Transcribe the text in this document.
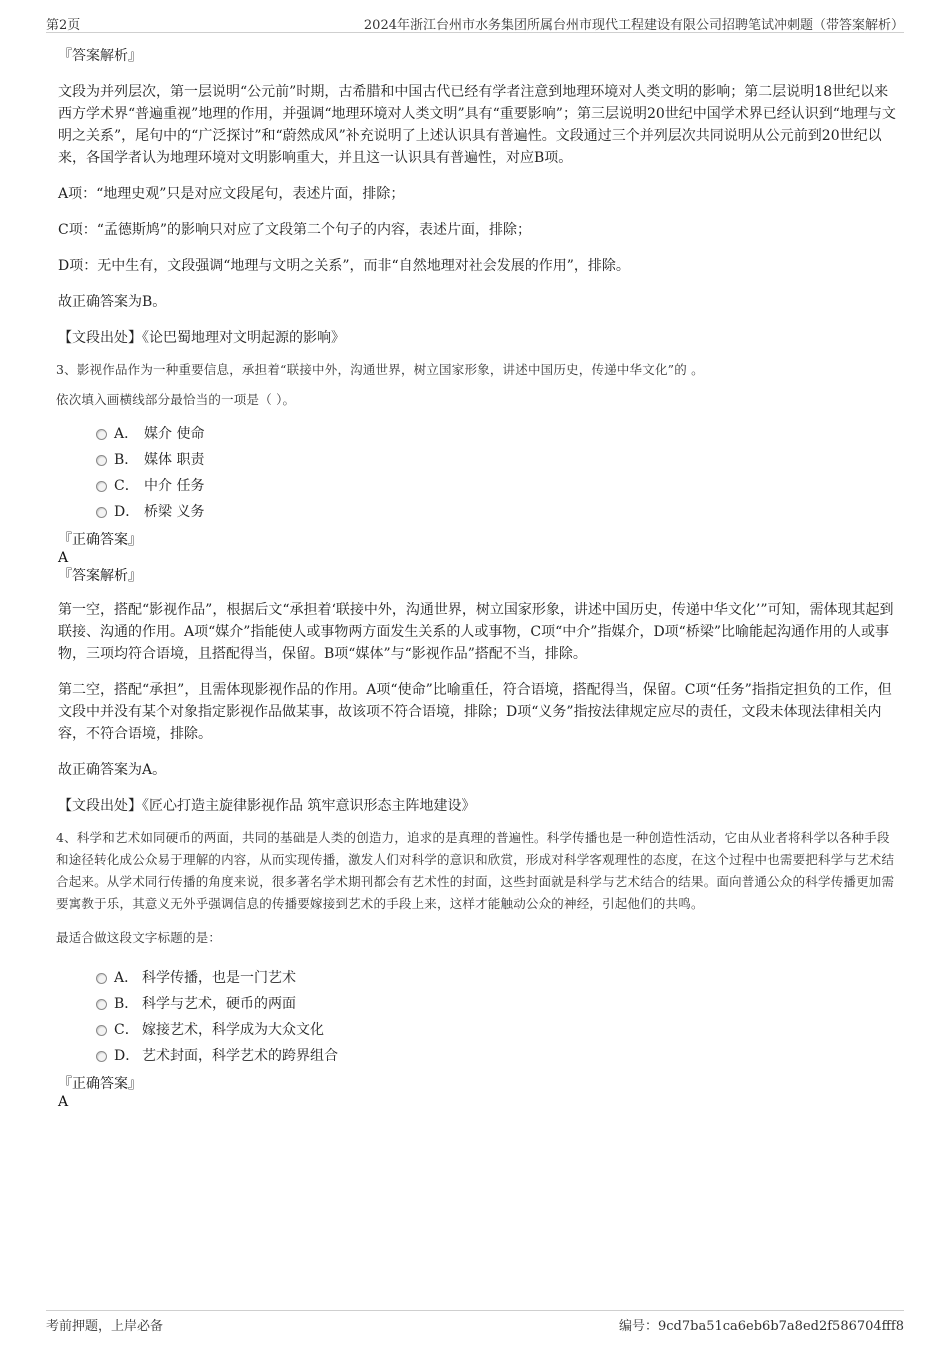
第2页	2024年浙江台州市水务集团所属台州市现代工程建设有限公司招聘笔试冲刺题（带答案解析）

『答案解析』

文段为并列层次，第一层说明“公元前”时期，古希腊和中国古代已经有学者注意到地理环境对人类文明的影响；第二层说明18世纪以来西方学术界“普遍重视”地理的作用，并强调“地理环境对人类文明”具有“重要影响”；第三层说明20世纪中国学术界已经认识到“地理与文明之关系”，尾句中的“广泛探讨”和“蔚然成风”补充说明了上述认识具有普遍性。文段通过三个并列层次共同说明从公元前到20世纪以来，各国学者认为地理环境对文明影响重大，并且这一认识具有普遍性，对应B项。

A项：“地理史观”只是对应文段尾句，表述片面，排除；

C项：“孟德斯鸠”的影响只对应了文段第二个句子的内容，表述片面，排除；

D项：无中生有，文段强调“地理与文明之关系”，而非“自然地理对社会发展的作用”，排除。

故正确答案为B。

【文段出处】《论巴蜀地理对文明起源的影响》

3、影视作品作为一种重要信息，承担着“联接中外，沟通世界，树立国家形象，讲述中国历史，传递中华文化”的 。

依次填入画横线部分最恰当的一项是（ ）。

A． 媒介 使命
B． 媒体 职责
C． 中介 任务
D． 桥梁 义务

『正确答案』

A

『答案解析』

第一空，搭配“影视作品”，根据后文“承担着‘联接中外，沟通世界，树立国家形象，讲述中国历史，传递中华文化’”可知，需体现其起到联接、沟通的作用。A项“媒介”指能使人或事物两方面发生关系的人或事物，C项“中介”指媒介，D项“桥梁”比喻能起沟通作用的人或事物，三项均符合语境，且搭配得当，保留。B项“媒体”与“影视作品”搭配不当，排除。

第二空，搭配“承担”，且需体现影视作品的作用。A项“使命”比喻重任，符合语境，搭配得当，保留。C项“任务”指指定担负的工作，但文段中并没有某个对象指定影视作品做某事，故该项不符合语境，排除；D项“义务”指按法律规定应尽的责任，文段未体现法律相关内容，不符合语境，排除。

故正确答案为A。

【文段出处】《匠心打造主旋律影视作品 筑牢意识形态主阵地建设》

4、科学和艺术如同硬币的两面，共同的基础是人类的创造力，追求的是真理的普遍性。科学传播也是一种创造性活动，它由从业者将科学以各种手段和途径转化成公众易于理解的内容，从而实现传播，激发人们对科学的意识和欣赏，形成对科学客观理性的态度，在这个过程中也需要把科学与艺术结合起来。从学术同行传播的角度来说，很多著名学术期刊都会有艺术性的封面，这些封面就是科学与艺术结合的结果。面向普通公众的科学传播更加需要寓教于乐，其意义无外乎强调信息的传播要嫁接到艺术的手段上来，这样才能触动公众的神经，引起他们的共鸣。

最适合做这段文字标题的是：

A． 科学传播，也是一门艺术
B． 科学与艺术，硬币的两面
C． 嫁接艺术，科学成为大众文化
D． 艺术封面，科学艺术的跨界组合

『正确答案』

A

考前押题，上岸必备	编号：9cd7ba51ca6eb6b7a8ed2f586704fff8
